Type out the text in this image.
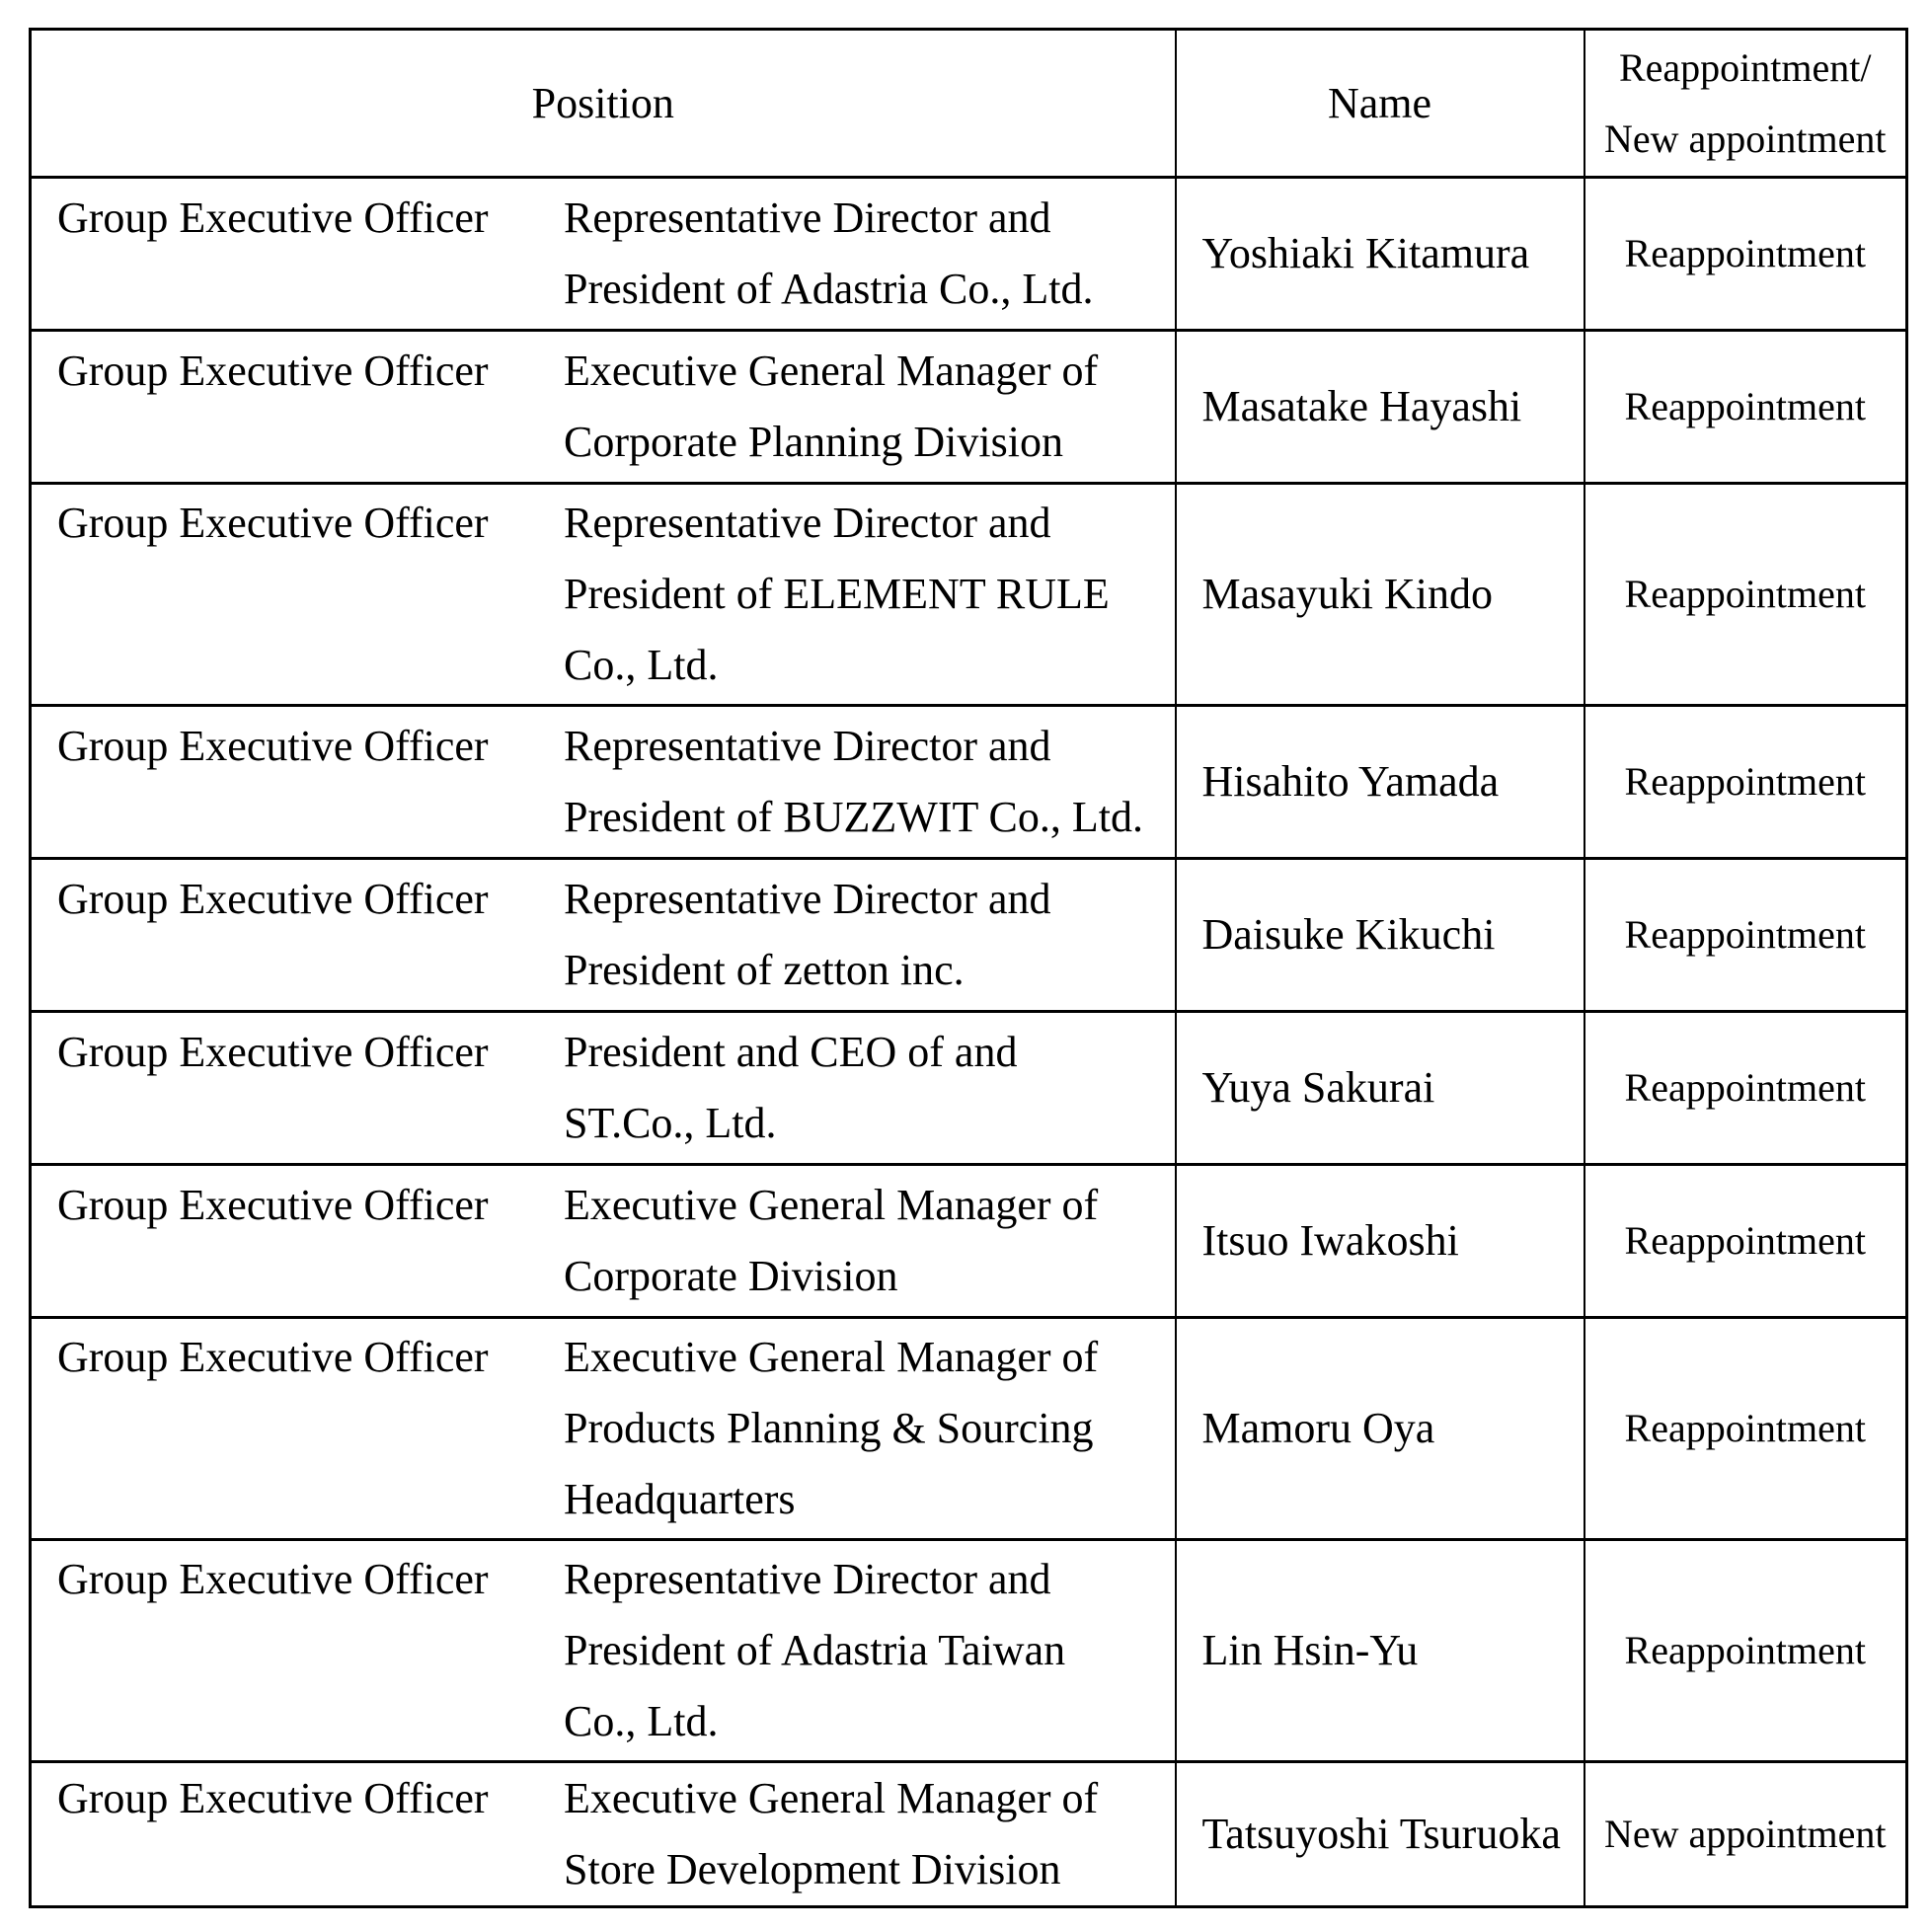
Position	Name	Reappointment/
New appointment

Group Executive Officer Representative Director and
President of Adastria Co., Ltd.	Yoshiaki Kitamura	Reappointment

Group Executive Officer Executive General Manager of
Corporate Planning Division	Masatake Hayashi	Reappointment

Group Executive Officer Representative Director and
President of ELEMENT RULE
Co., Ltd.	Masayuki Kindo	Reappointment

Group Executive Officer Representative Director and
President of BUZZWIT Co., Ltd.	Hisahito Yamada	Reappointment

Group Executive Officer Representative Director and
President of zetton inc.	Daisuke Kikuchi	Reappointment

Group Executive Officer President and CEO of and
ST.Co., Ltd.	Yuya Sakurai	Reappointment

Group Executive Officer Executive General Manager of
Corporate Division	Itsuo Iwakoshi	Reappointment

Group Executive Officer Executive General Manager of
Products Planning & Sourcing
Headquarters	Mamoru Oya	Reappointment

Group Executive Officer Representative Director and
President of Adastria Taiwan
Co., Ltd.	Lin Hsin-Yu	Reappointment

Group Executive Officer Executive General Manager of
Store Development Division	Tatsuyoshi Tsuruoka	New appointment
